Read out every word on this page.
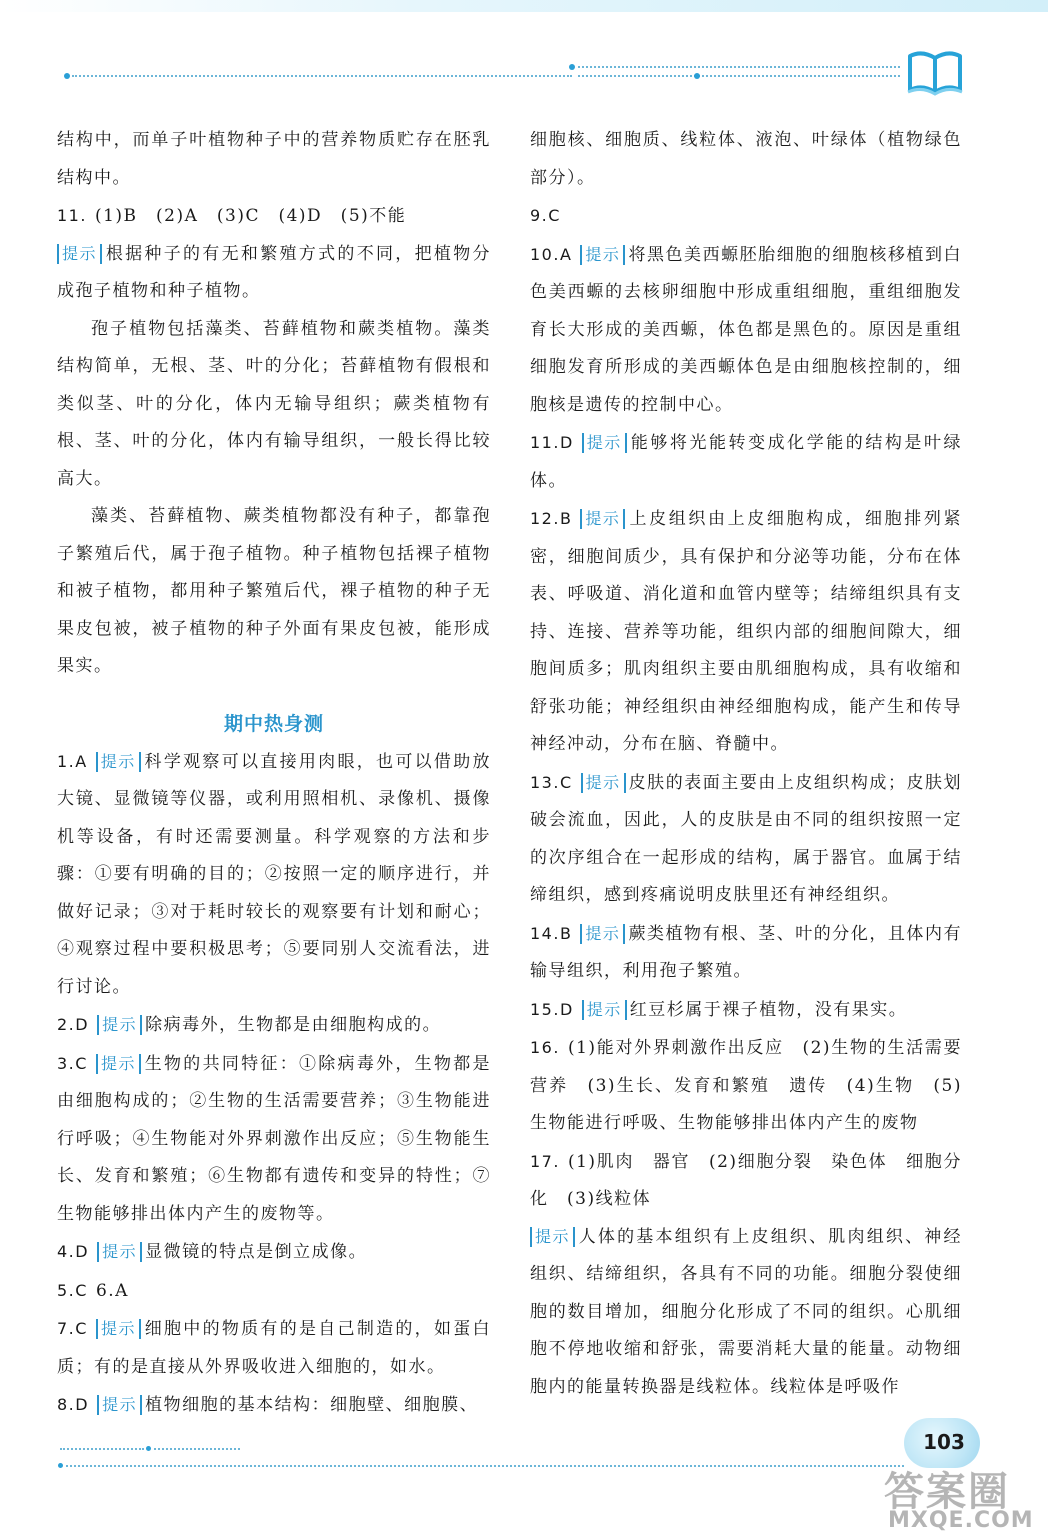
结构中，而单子叶植物种子中的营养物质贮存在胚乳结构中。

11. (1)B　(2)A　(3)C　(4)D　(5)不能

提示 根据种子的有无和繁殖方式的不同，把植物分成孢子植物和种子植物。

孢子植物包括藻类、苔藓植物和蕨类植物。藻类结构简单，无根、茎、叶的分化；苔藓植物有假根和类似茎、叶的分化，体内无输导组织；蕨类植物有根、茎、叶的分化，体内有输导组织，一般长得比较高大。

藻类、苔藓植物、蕨类植物都没有种子，都靠孢子繁殖后代，属于孢子植物。种子植物包括裸子植物和被子植物，都用种子繁殖后代，裸子植物的种子无果皮包被，被子植物的种子外面有果皮包被，能形成果实。

期中热身测

1.A 提示 科学观察可以直接用肉眼，也可以借助放大镜、显微镜等仪器，或利用照相机、录像机、摄像机等设备，有时还需要测量。科学观察的方法和步骤：①要有明确的目的；②按照一定的顺序进行，并做好记录；③对于耗时较长的观察要有计划和耐心；④观察过程中要积极思考；⑤要同别人交流看法，进行讨论。

2.D 提示 除病毒外，生物都是由细胞构成的。

3.C 提示 生物的共同特征：①除病毒外，生物都是由细胞构成的；②生物的生活需要营养；③生物能进行呼吸；④生物能对外界刺激作出反应；⑤生物能生长、发育和繁殖；⑥生物都有遗传和变异的特性；⑦生物能够排出体内产生的废物等。

4.D 提示 显微镜的特点是倒立成像。

5.C 6.A

7.C 提示 细胞中的物质有的是自己制造的，如蛋白质；有的是直接从外界吸收进入细胞的，如水。

8.D 提示 植物细胞的基本结构：细胞壁、细胞膜、

细胞核、细胞质、线粒体、液泡、叶绿体（植物绿色部分）。

9.C

10.A 提示 将黑色美西螈胚胎细胞的细胞核移植到白色美西螈的去核卵细胞中形成重组细胞，重组细胞发育长大形成的美西螈，体色都是黑色的。原因是重组细胞发育所形成的美西螈体色是由细胞核控制的，细胞核是遗传的控制中心。

11.D 提示 能够将光能转变成化学能的结构是叶绿体。

12.B 提示 上皮组织由上皮细胞构成，细胞排列紧密，细胞间质少，具有保护和分泌等功能，分布在体表、呼吸道、消化道和血管内壁等；结缔组织具有支持、连接、营养等功能，组织内部的细胞间隙大，细胞间质多；肌肉组织主要由肌细胞构成，具有收缩和舒张功能；神经组织由神经细胞构成，能产生和传导神经冲动，分布在脑、脊髓中。

13.C 提示 皮肤的表面主要由上皮组织构成；皮肤划破会流血，因此，人的皮肤是由不同的组织按照一定的次序组合在一起形成的结构，属于器官。血属于结缔组织，感到疼痛说明皮肤里还有神经组织。

14.B 提示 蕨类植物有根、茎、叶的分化，且体内有输导组织，利用孢子繁殖。

15.D 提示 红豆杉属于裸子植物，没有果实。

16. (1)能对外界刺激作出反应　(2)生物的生活需要营养　(3)生长、发育和繁殖　遗传　(4)生物　(5)生物能进行呼吸、生物能够排出体内产生的废物

17. (1)肌肉　器官　(2)细胞分裂　染色体　细胞分化　(3)线粒体

提示 人体的基本组织有上皮组织、肌肉组织、神经组织、结缔组织，各具有不同的功能。细胞分裂使细胞的数目增加，细胞分化形成了不同的组织。心肌细胞不停地收缩和舒张，需要消耗大量的能量。动物细胞内的能量转换器是线粒体。线粒体是呼吸作

103
答案圈
MXQE.COM
